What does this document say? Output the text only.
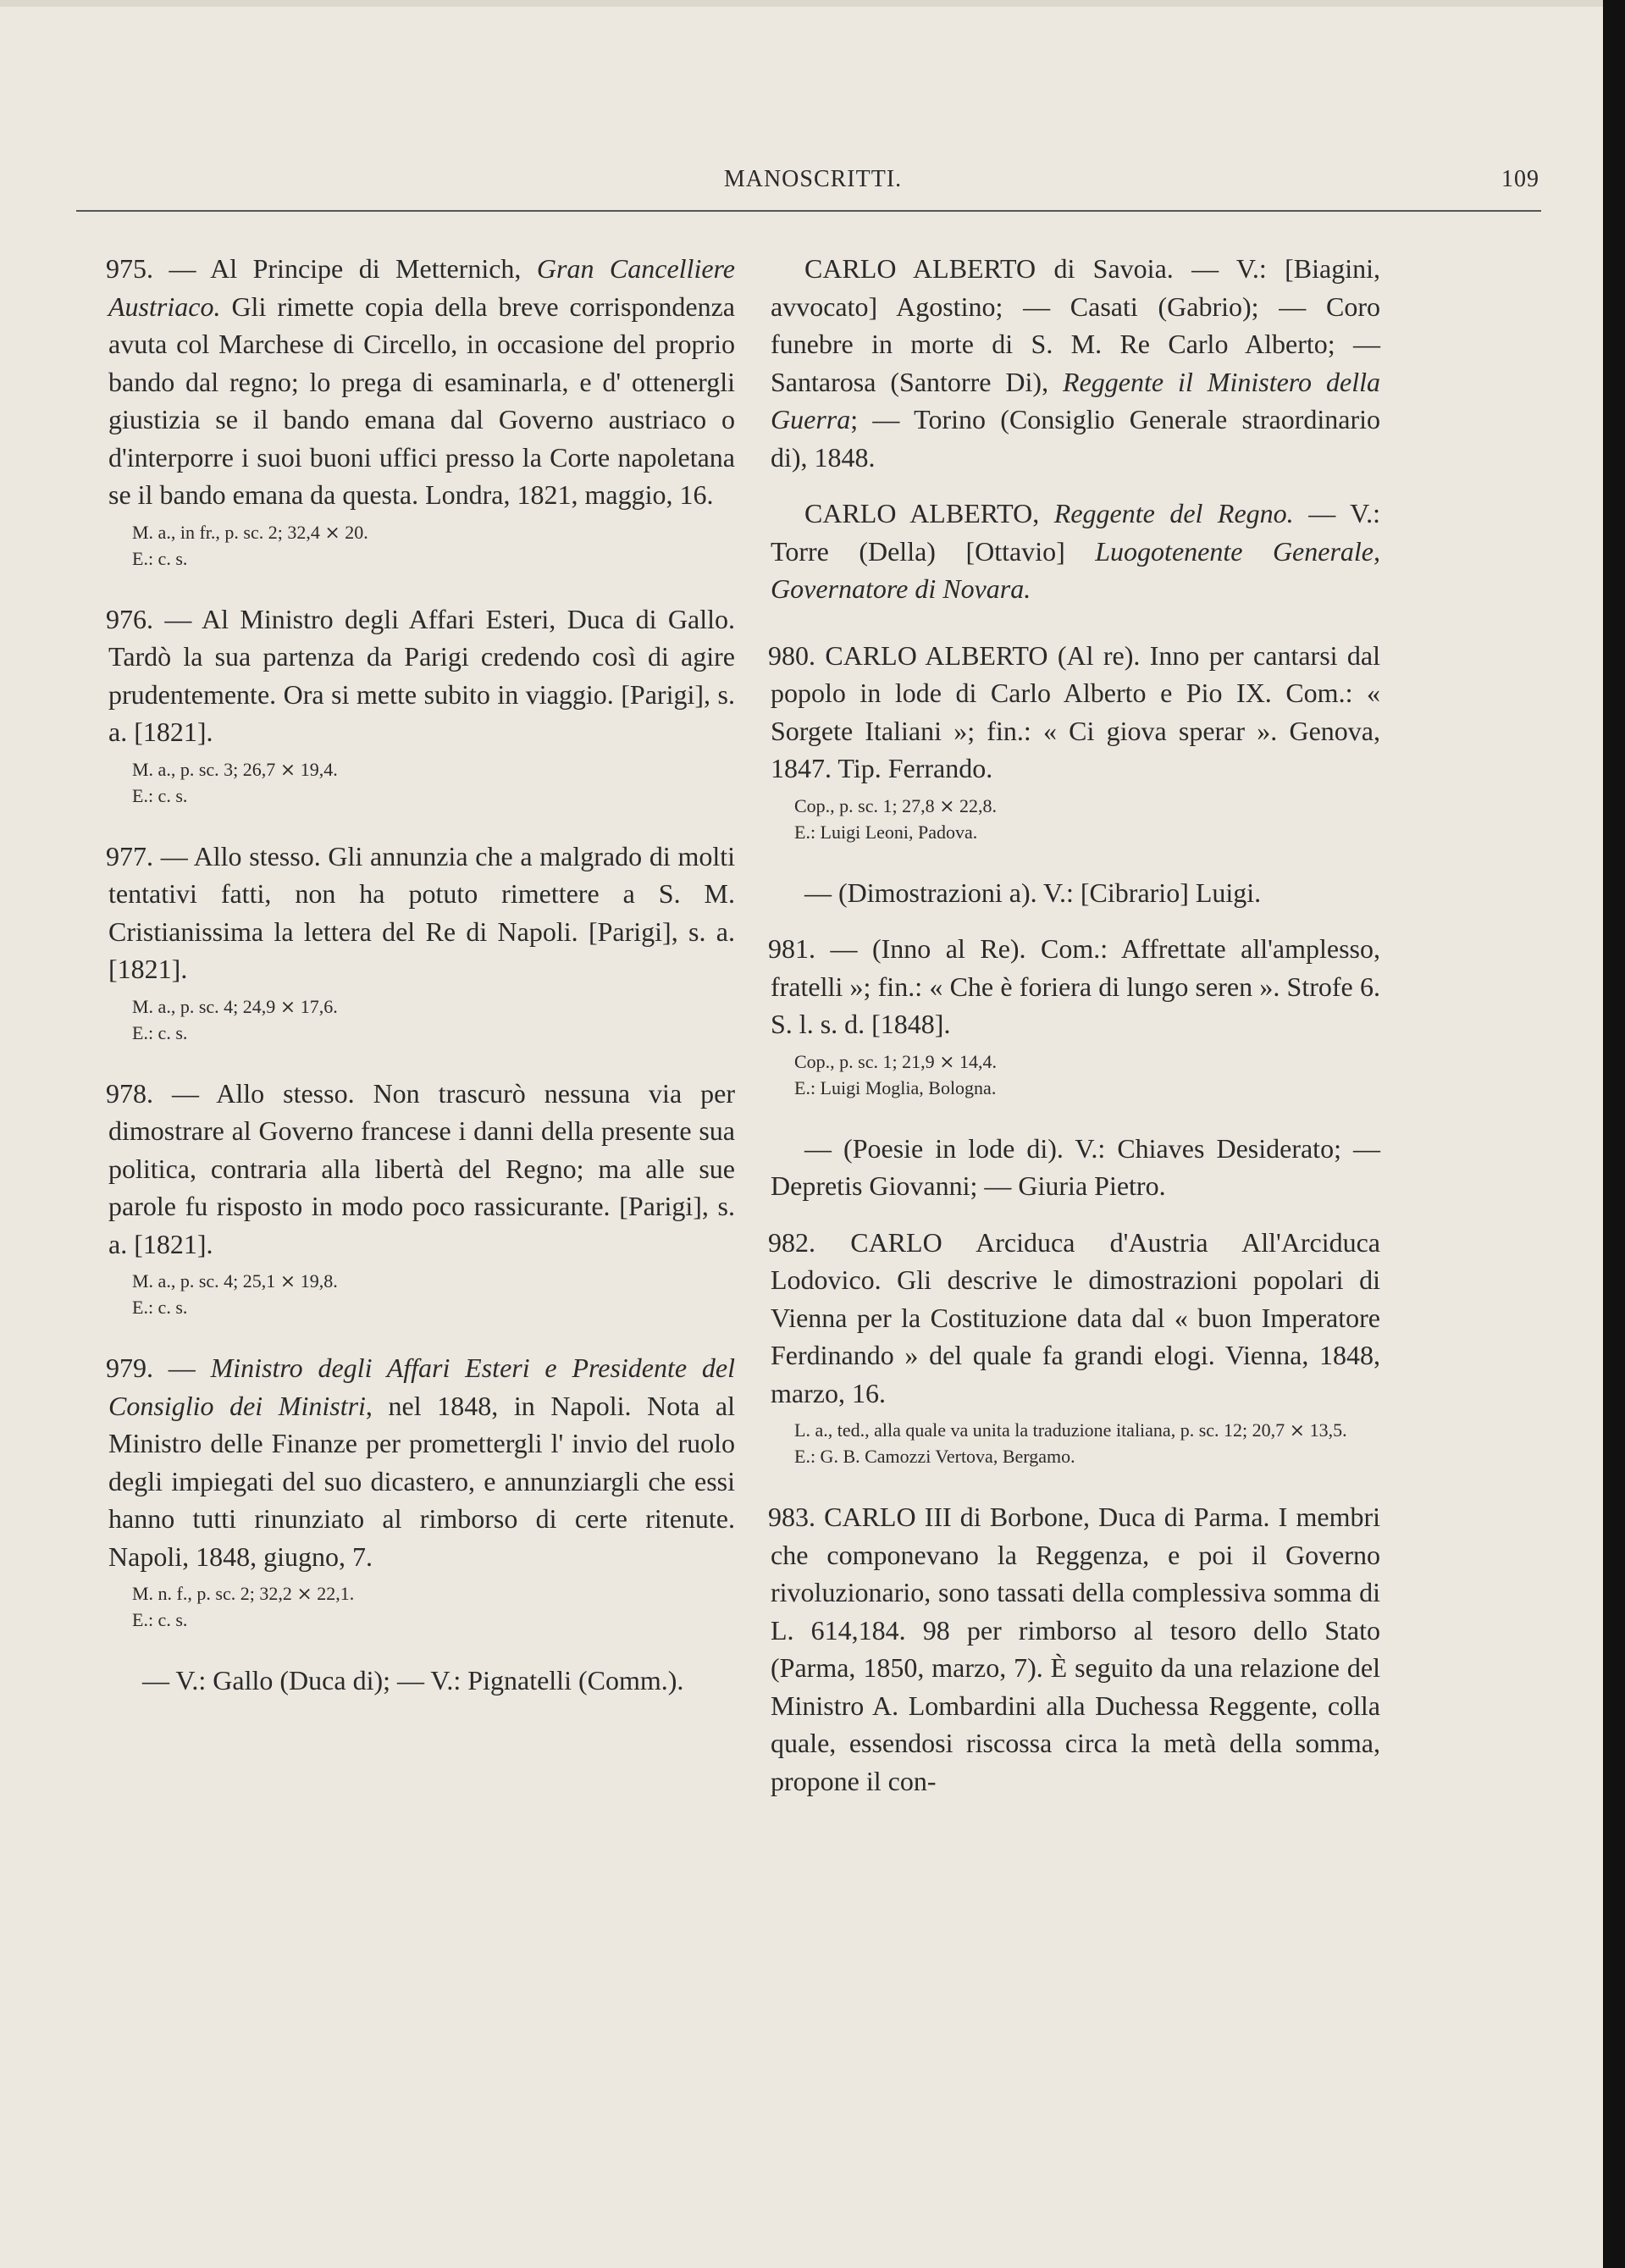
MANOSCRITTI.	109

975. — Al Principe di Metternich, Gran Cancelliere Austriaco. Gli rimette copia della breve corrispondenza avuta col Marchese di Circello, in occasione del proprio bando dal regno; lo prega di esaminarla, e d' ottenergli giustizia se il bando emana dal Governo austriaco o d'interporre i suoi buoni uffici presso la Corte napoletana se il bando emana da questa. Londra, 1821, maggio, 16.

M. a., in fr., p. sc. 2; 32,4 ⨯ 20.
E.: c. s.

976. — Al Ministro degli Affari Esteri, Duca di Gallo. Tardò la sua partenza da Parigi credendo così di agire prudentemente. Ora si mette subito in viaggio. [Parigi], s. a. [1821].

M. a., p. sc. 3; 26,7 ⨯ 19,4.
E.: c. s.

977. — Allo stesso. Gli annunzia che a malgrado di molti tentativi fatti, non ha potuto rimettere a S. M. Cristianissima la lettera del Re di Napoli. [Parigi], s. a. [1821].

M. a., p. sc. 4; 24,9 ⨯ 17,6.
E.: c. s.

978. — Allo stesso. Non trascurò nessuna via per dimostrare al Governo francese i danni della presente sua politica, contraria alla libertà del Regno; ma alle sue parole fu risposto in modo poco rassicurante. [Parigi], s. a. [1821].

M. a., p. sc. 4; 25,1 ⨯ 19,8.
E.: c. s.

979. — Ministro degli Affari Esteri e Presidente del Consiglio dei Ministri, nel 1848, in Napoli. Nota al Ministro delle Finanze per promettergli l' invio del ruolo degli impiegati del suo dicastero, e annunziargli che essi hanno tutti rinunziato al rimborso di certe ritenute. Napoli, 1848, giugno, 7.

M. n. f., p. sc. 2; 32,2 ⨯ 22,1.
E.: c. s.

— V.: Gallo (Duca di); — V.: Pignatelli (Comm.).

CARLO ALBERTO di Savoia. — V.: [Biagini, avvocato] Agostino; — Casati (Gabrio); — Coro funebre in morte di S. M. Re Carlo Alberto; — Santarosa (Santorre Di), Reggente il Ministero della Guerra; — Torino (Consiglio Generale straordinario di), 1848.

CARLO ALBERTO, Reggente del Regno. — V.: Torre (Della) [Ottavio] Luogotenente Generale, Governatore di Novara.

980. CARLO ALBERTO (Al re). Inno per cantarsi dal popolo in lode di Carlo Alberto e Pio IX. Com.: « Sorgete Italiani »; fin.: « Ci giova sperar ». Genova, 1847. Tip. Ferrando.

Cop., p. sc. 1; 27,8 ⨯ 22,8.
E.: Luigi Leoni, Padova.

— (Dimostrazioni a). V.: [Cibrario] Luigi.

981. — (Inno al Re). Com.: Affrettate all'amplesso, fratelli »; fin.: « Che è foriera di lungo seren ». Strofe 6. S. l. s. d. [1848].

Cop., p. sc. 1; 21,9 ⨯ 14,4.
E.: Luigi Moglia, Bologna.

— (Poesie in lode di). V.: Chiaves Desiderato; — Depretis Giovanni; — Giuria Pietro.

982. CARLO Arciduca d'Austria All'Arciduca Lodovico. Gli descrive le dimostrazioni popolari di Vienna per la Costituzione data dal « buon Imperatore Ferdinando » del quale fa grandi elogi. Vienna, 1848, marzo, 16.

L. a., ted., alla quale va unita la traduzione italiana, p. sc. 12; 20,7 ⨯ 13,5.
E.: G. B. Camozzi Vertova, Bergamo.

983. CARLO III di Borbone, Duca di Parma. I membri che componevano la Reggenza, e poi il Governo rivoluzionario, sono tassati della complessiva somma di L. 614,184. 98 per rimborso al tesoro dello Stato (Parma, 1850, marzo, 7). È seguito da una relazione del Ministro A. Lombardini alla Duchessa Reggente, colla quale, essendosi riscossa circa la metà della somma, propone il con-
